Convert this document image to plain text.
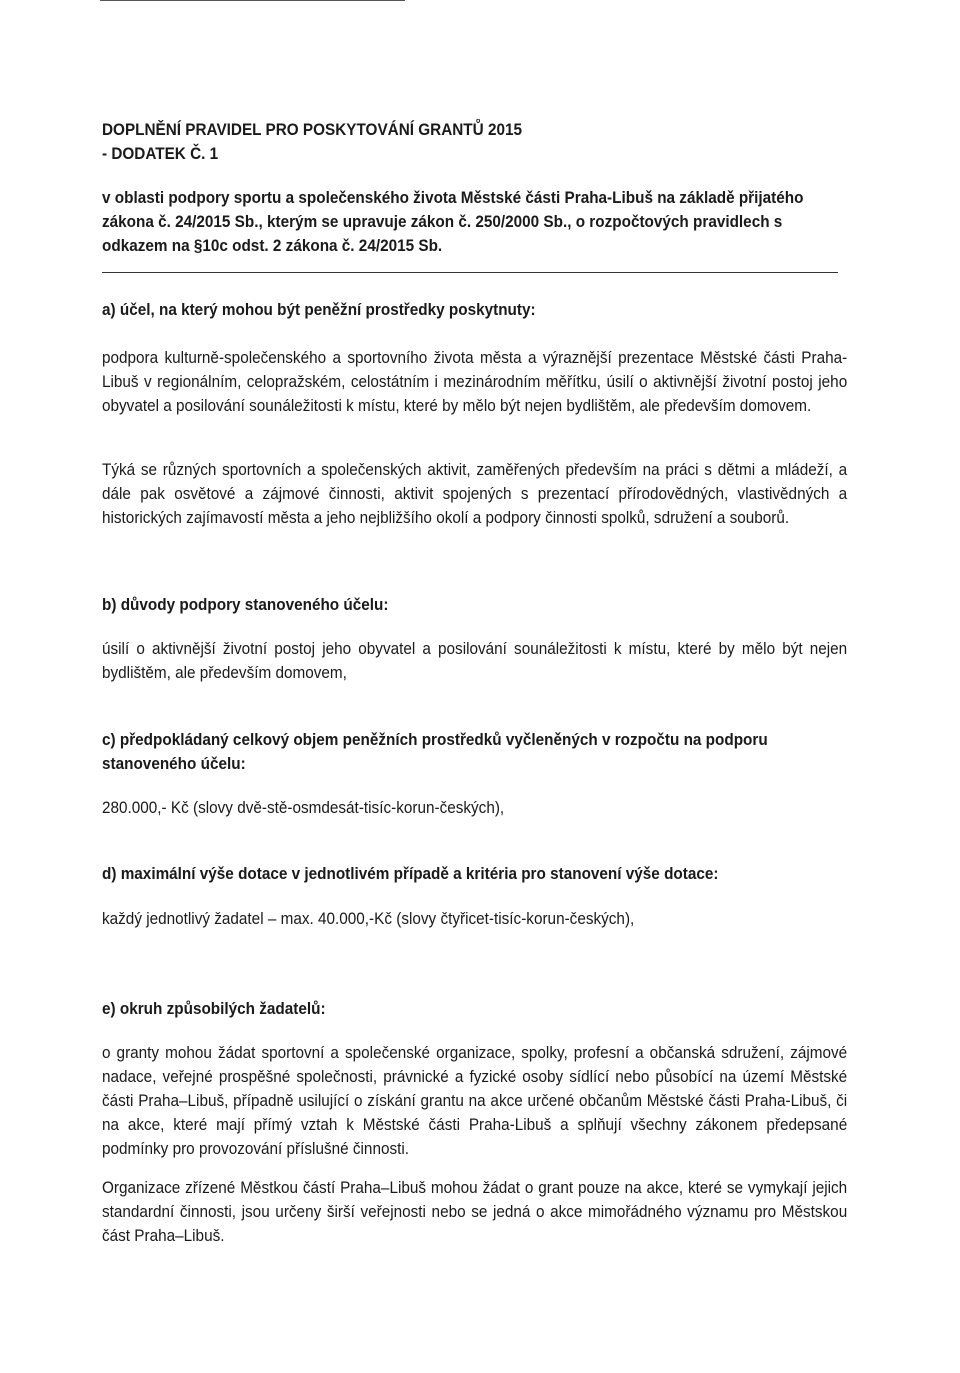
DOPLNĚNÍ PRAVIDEL PRO POSKYTOVÁNÍ GRANTŮ 2015
- DODATEK Č. 1

v oblasti podpory sportu a společenského života Městské části Praha-Libuš na základě přijatého zákona č. 24/2015 Sb., kterým se upravuje zákon č. 250/2000 Sb., o rozpočtových pravidlech s odkazem na §10c odst. 2 zákona č. 24/2015 Sb.

a) účel, na který mohou být peněžní prostředky poskytnuty:

podpora kulturně-společenského a sportovního života města a výraznější prezentace Městské části Praha-Libuš v regionálním, celopražském, celostátním i mezinárodním měřítku, úsilí o aktivnější životní postoj jeho obyvatel a posilování sounáležitosti k místu, které by mělo být nejen bydlištěm, ale především domovem.

Týká se různých sportovních a společenských aktivit, zaměřených především na práci s dětmi a mládeží, a dále pak osvětové a zájmové činnosti, aktivit spojených s prezentací přírodovědných, vlastivědných a historických zajímavostí města a jeho nejbližšího okolí a podpory činnosti spolků, sdružení a souborů.

b) důvody podpory stanoveného účelu:

úsilí o aktivnější životní postoj jeho obyvatel a posilování sounáležitosti k místu, které by mělo být nejen bydlištěm, ale především domovem,

c) předpokládaný celkový objem peněžních prostředků vyčleněných v rozpočtu na podporu stanoveného účelu:

280.000,- Kč (slovy dvě-stě-osmdesát-tisíc-korun-českých),

d) maximální výše dotace v jednotlivém případě a kritéria pro stanovení výše dotace:

každý jednotlivý žadatel – max. 40.000,-Kč (slovy čtyřicet-tisíc-korun-českých),

e) okruh způsobilých žadatelů:

o granty mohou žádat sportovní a společenské organizace, spolky, profesní a občanská sdružení, zájmové nadace, veřejné prospěšné společnosti, právnické a fyzické osoby sídlící nebo působící na území Městské části Praha–Libuš, případně usilující o získání grantu na akce určené občanům Městské části Praha-Libuš, či na akce, které mají přímý vztah k Městské části Praha-Libuš a splňují všechny zákonem předepsané podmínky pro provozování příslušné činnosti.

Organizace zřízené Městkou částí Praha–Libuš mohou žádat o grant pouze na akce, které se vymykají jejich standardní činnosti, jsou určeny širší veřejnosti nebo se jedná o akce mimořádného významu pro Městskou část Praha–Libuš.
